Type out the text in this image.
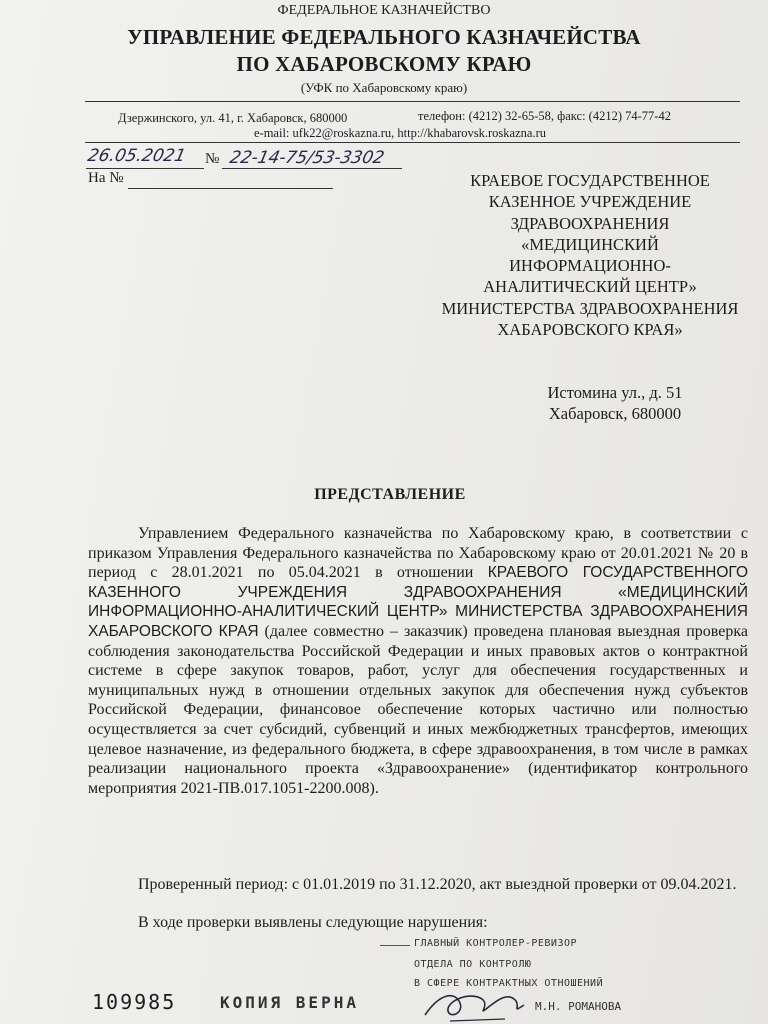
ФЕДЕРАЛЬНОЕ КАЗНАЧЕЙСТВО
УПРАВЛЕНИЕ ФЕДЕРАЛЬНОГО КАЗНАЧЕЙСТВА
ПО ХАБАРОВСКОМУ КРАЮ
(УФК по Хабаровскому краю)
Дзержинского, ул. 41, г. Хабаровск, 680000	телефон: (4212) 32-65-58, факс: (4212) 74-77-42
e-mail: ufk22@roskazna.ru, http://khabarovsk.roskazna.ru
26.05.2021 № 22-14-75/53-3302
На №	КРАЕВОЕ ГОСУДАРСТВЕННОЕ КАЗЕННОЕ УЧРЕЖДЕНИЕ ЗДРАВООХРАНЕНИЯ «МЕДИЦИНСКИЙ ИНФОРМАЦИОННО-АНАЛИТИЧЕСКИЙ ЦЕНТР» МИНИСТЕРСТВА ЗДРАВООХРАНЕНИЯ ХАБАРОВСКОГО КРАЯ»
Истомина ул., д. 51
Хабаровск, 680000
ПРЕДСТАВЛЕНИЕ
Управлением Федерального казначейства по Хабаровскому краю, в соответствии с приказом Управления Федерального казначейства по Хабаровскому краю от 20.01.2021 № 20 в период с 28.01.2021 по 05.04.2021 в отношении КРАЕВОГО ГОСУДАРСТВЕННОГО КАЗЕННОГО УЧРЕЖДЕНИЯ ЗДРАВООХРАНЕНИЯ «МЕДИЦИНСКИЙ ИНФОРМАЦИОННО-АНАЛИТИЧЕСКИЙ ЦЕНТР» МИНИСТЕРСТВА ЗДРАВООХРАНЕНИЯ ХАБАРОВСКОГО КРАЯ (далее совместно – заказчик) проведена плановая выездная проверка соблюдения законодательства Российской Федерации и иных правовых актов о контрактной системе в сфере закупок товаров, работ, услуг для обеспечения государственных и муниципальных нужд в отношении отдельных закупок для обеспечения нужд субъектов Российской Федерации, финансовое обеспечение которых частично или полностью осуществляется за счет субсидий, субвенций и иных межбюджетных трансфертов, имеющих целевое назначение, из федерального бюджета, в сфере здравоохранения, в том числе в рамках реализации национального проекта «Здравоохранение» (идентификатор контрольного мероприятия 2021-ПВ.017.1051-2200.008).
Проверенный период: с 01.01.2019 по 31.12.2020, акт выездной проверки от 09.04.2021.
В ходе проверки выявлены следующие нарушения:
ГЛАВНЫЙ КОНТРОЛЕР-РЕВИЗОР
ОТДЕЛА ПО КОНТРОЛЮ
В СФЕРЕ КОНТРАКТНЫХ ОТНОШЕНИЙ
109985	КОПИЯ ВЕРНА	М.Н. РОМАНОВА
